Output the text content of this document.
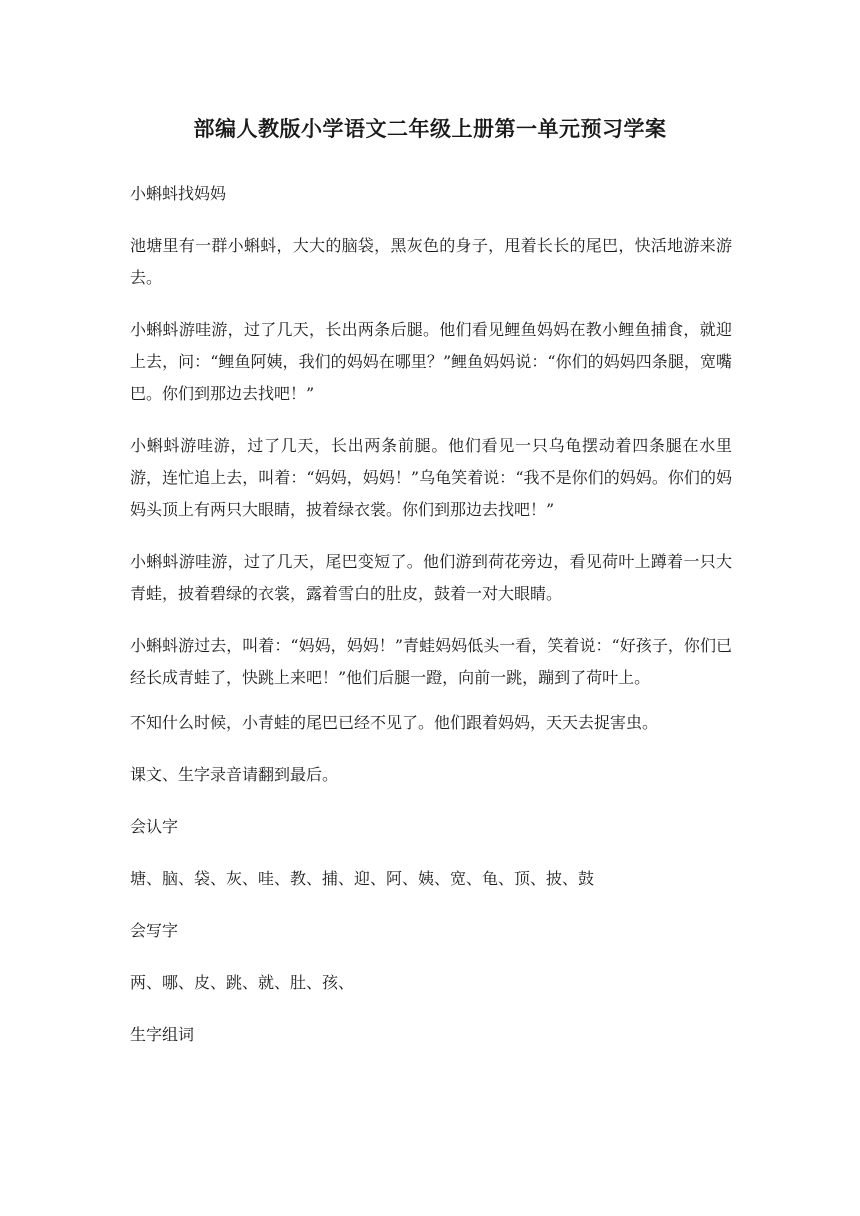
部编人教版小学语文二年级上册第一单元预习学案

小蝌蚪找妈妈

池塘里有一群小蝌蚪，大大的脑袋，黑灰色的身子，甩着长长的尾巴，快活地游来游去。

小蝌蚪游哇游，过了几天，长出两条后腿。他们看见鲤鱼妈妈在教小鲤鱼捕食，就迎上去，问：“鲤鱼阿姨，我们的妈妈在哪里？”鲤鱼妈妈说：“你们的妈妈四条腿，宽嘴巴。你们到那边去找吧！”

小蝌蚪游哇游，过了几天，长出两条前腿。他们看见一只乌龟摆动着四条腿在水里游，连忙追上去，叫着：“妈妈，妈妈！”乌龟笑着说：“我不是你们的妈妈。你们的妈妈头顶上有两只大眼睛，披着绿衣裳。你们到那边去找吧！”

小蝌蚪游哇游，过了几天，尾巴变短了。他们游到荷花旁边，看见荷叶上蹲着一只大青蛙，披着碧绿的衣裳，露着雪白的肚皮，鼓着一对大眼睛。

小蝌蚪游过去，叫着：“妈妈，妈妈！”青蛙妈妈低头一看，笑着说：“好孩子，你们已经长成青蛙了，快跳上来吧！”他们后腿一蹬，向前一跳，蹦到了荷叶上。

不知什么时候，小青蛙的尾巴已经不见了。他们跟着妈妈，天天去捉害虫。

课文、生字录音请翻到最后。

会认字

塘、脑、袋、灰、哇、教、捕、迎、阿、姨、宽、龟、顶、披、鼓

会写字

两、哪、皮、跳、就、肚、孩、

生字组词
